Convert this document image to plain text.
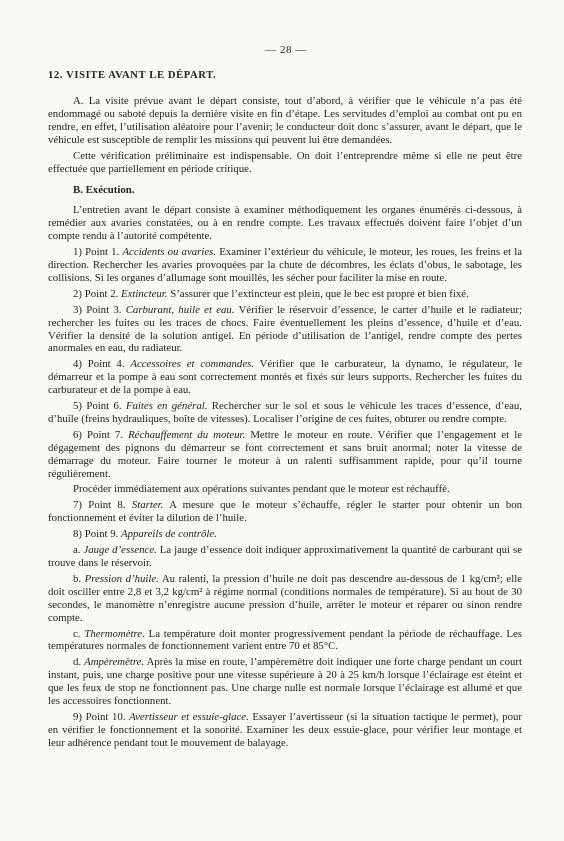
— 28 —
12. VISITE AVANT LE DÉPART.

A. La visite prévue avant le départ consiste, tout d’abord, à vérifier que le véhicule n’a pas été endommagé ou saboté depuis la dernière visite en fin d’étape. Les servitudes d’emploi au combat ont pu en rendre, en effet, l’utilisation aléatoire pour l’avenir; le conducteur doit donc s’assurer, avant le départ, que le véhicule est susceptible de remplir les missions qui peuvent lui être demandées.

Cette vérification préliminaire est indispensable. On doit l’entreprendre même si elle ne peut être effectuée que partiellement en période critique.

B. Exécution.

L’entretien avant le départ consiste à examiner méthodiquement les organes énumérés ci-dessous, à remédier aux avaries constatées, ou à en rendre compte. Les travaux effectués doivent faire l’objet d’un compte rendu à l’autorité compétente.

1) Point 1. Accidents ou avaries. Examiner l’extérieur du véhicule, le moteur, les roues, les freins et la direction. Rechercher les avaries provoquées par la chute de décombres, les éclats d’obus, le sabotage, les collisions. Si les organes d’allumage sont mouillés, les sécher pour faciliter la mise en route.

2) Point 2. Extincteur. S’assurer que l’extincteur est plein, que le bec est propre et bien fixé.

3) Point 3. Carburant, huile et eau. Vérifier le réservoir d’essence, le carter d’huile et le radiateur; rechercher les fuites ou les traces de chocs. Faire éventuellement les pleins d’essence, d’huile et d’eau. Vérifier la densité de la solution antigel. En période d’utilisation de l’antigel, rendre compte des pertes anormales en eau, du radiateur.

4) Point 4. Accessoires et commandes. Vérifier que le carburateur, la dynamo, le régulateur, le démarreur et la pompe à eau sont correctement montés et fixés sur leurs supports. Rechercher les fuites du carburateur et de la pompe à eau.

5) Point 6. Fuites en général. Rechercher sur le sol et sous le véhicule les traces d’essence, d’eau, d’huile (freins hydrauliques, boîte de vitesses). Localiser l’origine de ces fuites, obturer ou rendre compte.

6) Point 7. Réchauffement du moteur. Mettre le moteur en route. Vérifier que l’engagement et le dégagement des pignons du démarreur se font correctement et sans bruit anormal; noter la vitesse de démarrage du moteur. Faire tourner le moteur à un ralenti suffisamment rapide, pour qu’il tourne régulièrement.

Procéder immédiatement aux opérations suivantes pendant que le moteur est réchauffé.

7) Point 8. Starter. A mesure que le moteur s’échauffe, régler le starter pour obtenir un bon fonctionnement et éviter la dilution de l’huile.

8) Point 9. Appareils de contrôle.

a. Jauge d’essence. La jauge d’essence doit indiquer approximativement la quantité de carburant qui se trouve dans le réservoir.

b. Pression d’huile. Au ralenti, la pression d’huile ne doit pas descendre au-dessous de 1 kg/cm²; elle doit osciller entre 2,8 et 3,2 kg/cm² à régime normal (conditions normales de température). Si au bout de 30 secondes, le manomètre n’enregistre aucune pression d’huile, arrêter le moteur et réparer ou sinon rendre compte.

c. Thermomètre. La température doit monter progressivement pendant la période de réchauffage. Les températures normales de fonctionnement varient entre 70 et 85°C.

d. Ampèremètre. Après la mise en route, l’ampèremètre doit indiquer une forte charge pendant un court instant, puis, une charge positive pour une vitesse supérieure à 20 à 25 km/h lorsque l’éclairage est éteint et que les feux de stop ne fonctionnent pas. Une charge nulle est normale lorsque l’éclairage est allumé et que les accessoires fonctionnent.

9) Point 10. Avertisseur et essuie-glace. Essayer l’avertisseur (si la situation tactique le permet), pour en vérifier le fonctionnement et la sonorité. Examiner les deux essuie-glace, pour vérifier leur montage et leur adhérence pendant tout le mouvement de balayage.
